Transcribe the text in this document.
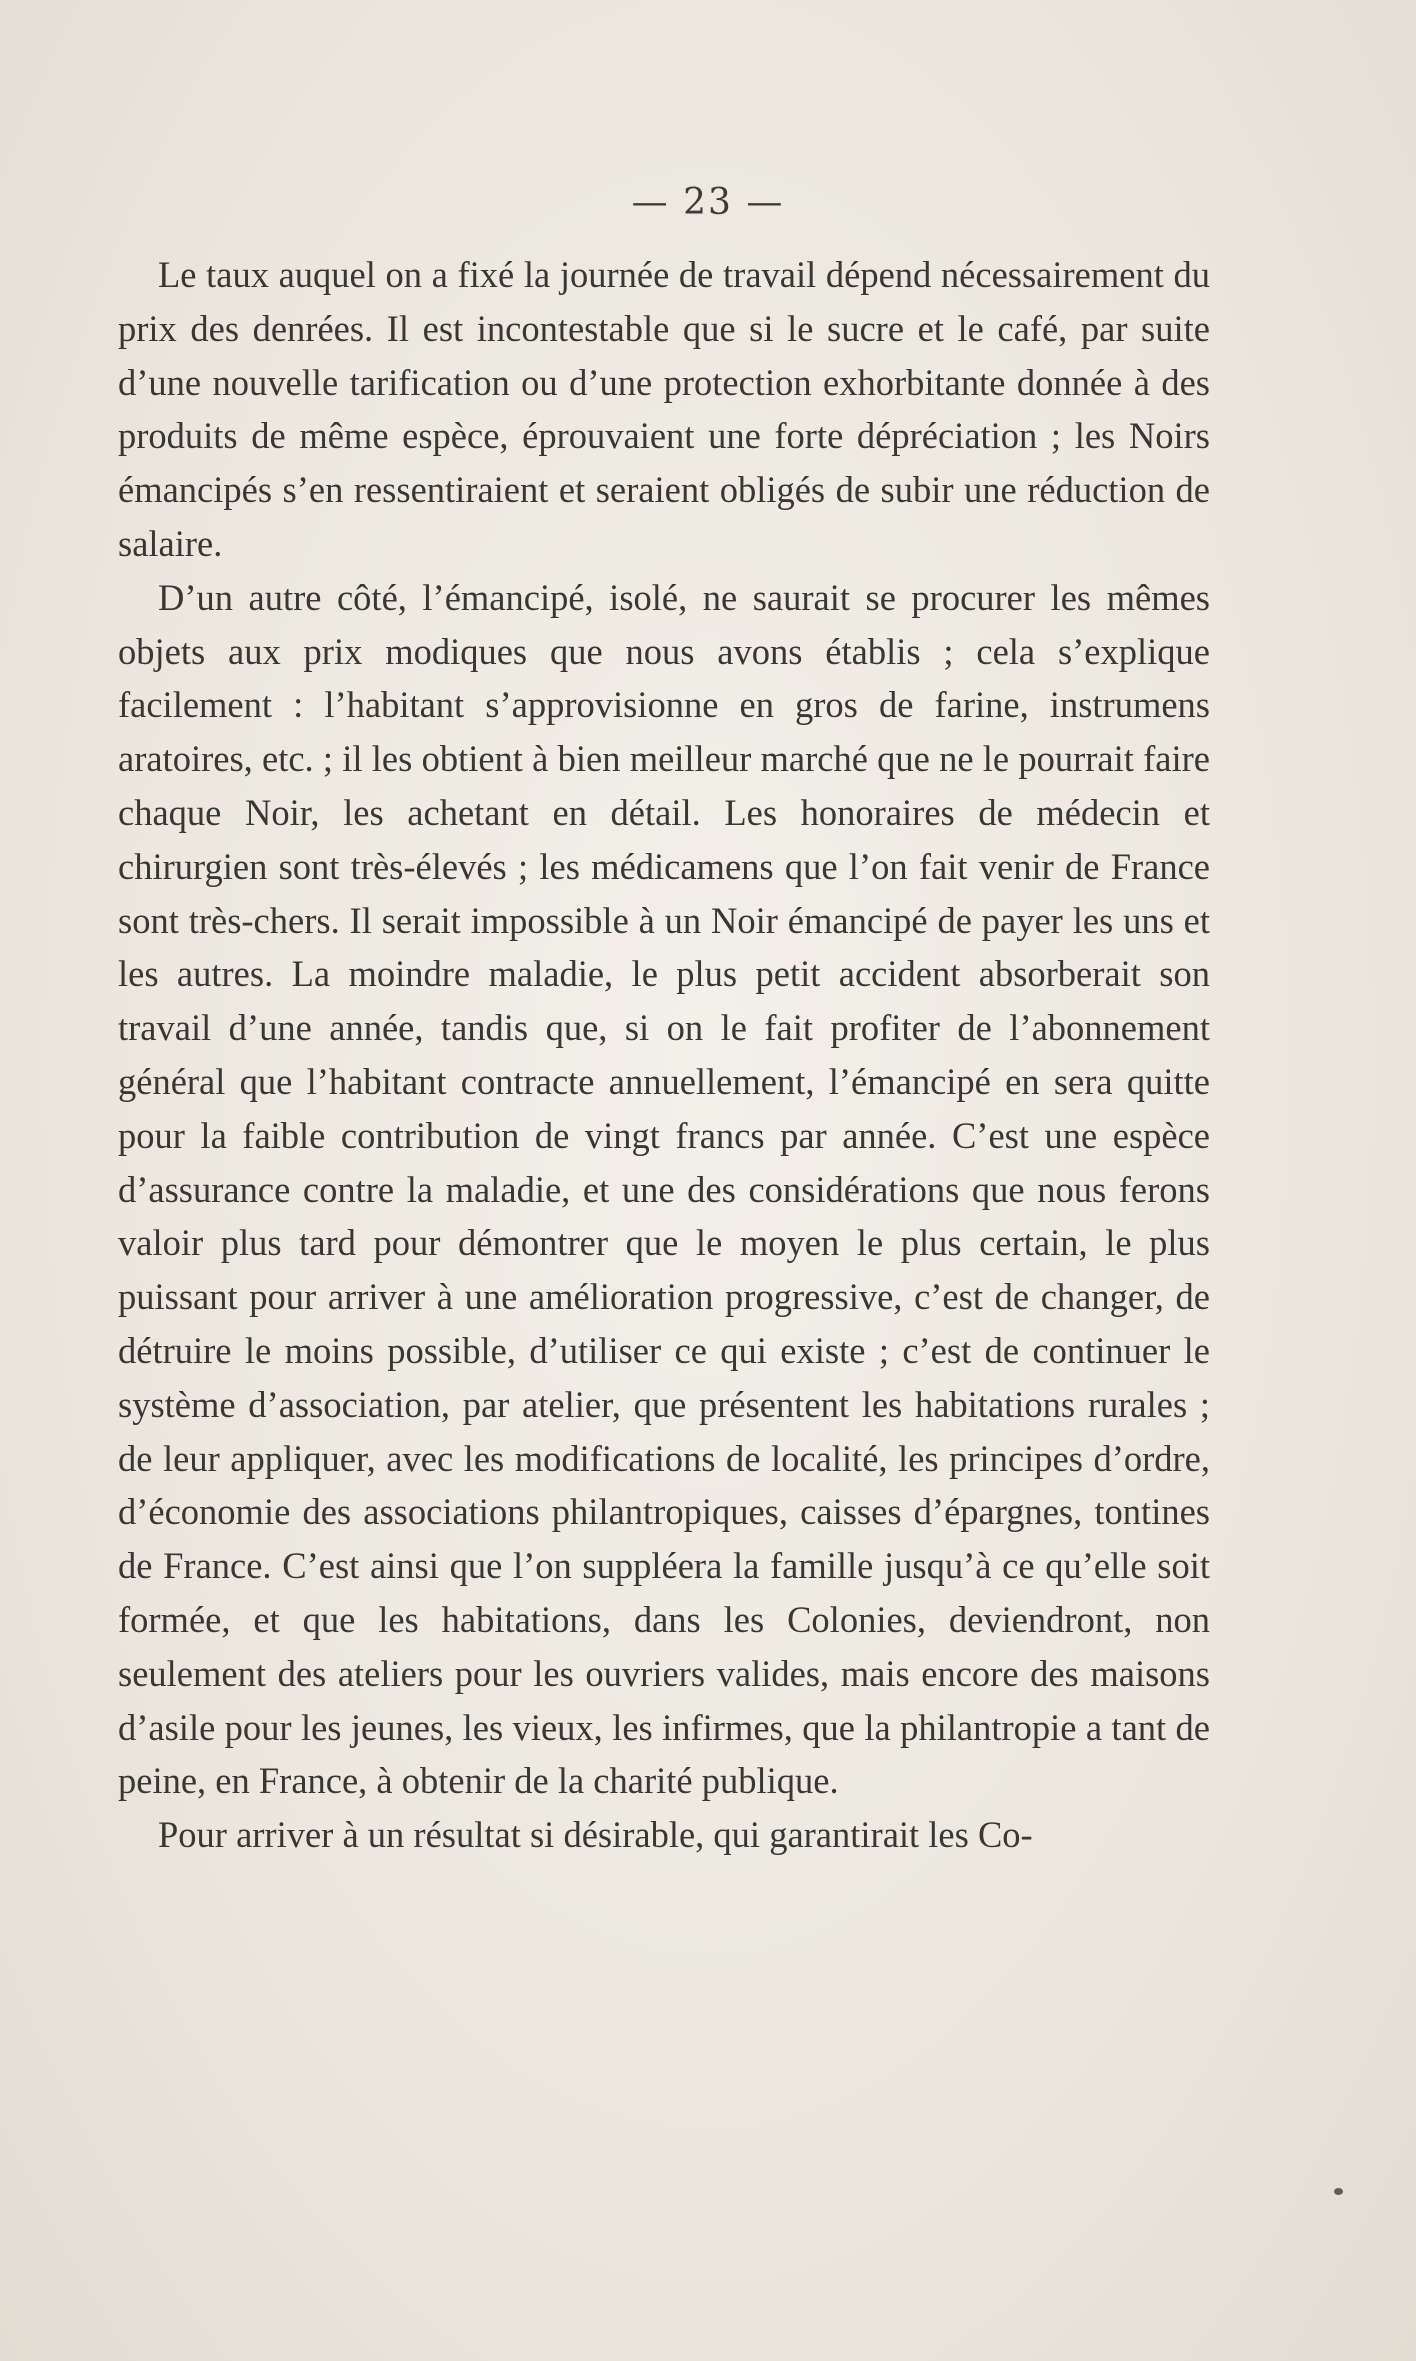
— 23 —

Le taux auquel on a fixé la journée de travail dépend nécessairement du prix des denrées. Il est incontestable que si le sucre et le café, par suite d’une nouvelle tarification ou d’une protection exhorbitante donnée à des produits de même espèce, éprouvaient une forte dépréciation ; les Noirs émancipés s’en ressentiraient et seraient obligés de subir une réduction de salaire.

D’un autre côté, l’émancipé, isolé, ne saurait se procurer les mêmes objets aux prix modiques que nous avons établis ; cela s’explique facilement : l’habitant s’approvisionne en gros de farine, instrumens aratoires, etc. ; il les obtient à bien meilleur marché que ne le pourrait faire chaque Noir, les achetant en détail. Les honoraires de médecin et chirurgien sont très-élevés ; les médicamens que l’on fait venir de France sont très-chers. Il serait impossible à un Noir émancipé de payer les uns et les autres. La moindre maladie, le plus petit accident absorberait son travail d’une année, tandis que, si on le fait profiter de l’abonnement général que l’habitant contracte annuellement, l’émancipé en sera quitte pour la faible contribution de vingt francs par année. C’est une espèce d’assurance contre la maladie, et une des considérations que nous ferons valoir plus tard pour démontrer que le moyen le plus certain, le plus puissant pour arriver à une amélioration progressive, c’est de changer, de détruire le moins possible, d’utiliser ce qui existe ; c’est de continuer le système d’association, par atelier, que présentent les habitations rurales ; de leur appliquer, avec les modifications de localité, les principes d’ordre, d’économie des associations philantropiques, caisses d’épargnes, tontines de France. C’est ainsi que l’on suppléera la famille jusqu’à ce qu’elle soit formée, et que les habitations, dans les Colonies, deviendront, non seulement des ateliers pour les ouvriers valides, mais encore des maisons d’asile pour les jeunes, les vieux, les infirmes, que la philantropie a tant de peine, en France, à obtenir de la charité publique.

Pour arriver à un résultat si désirable, qui garantirait les Co-
